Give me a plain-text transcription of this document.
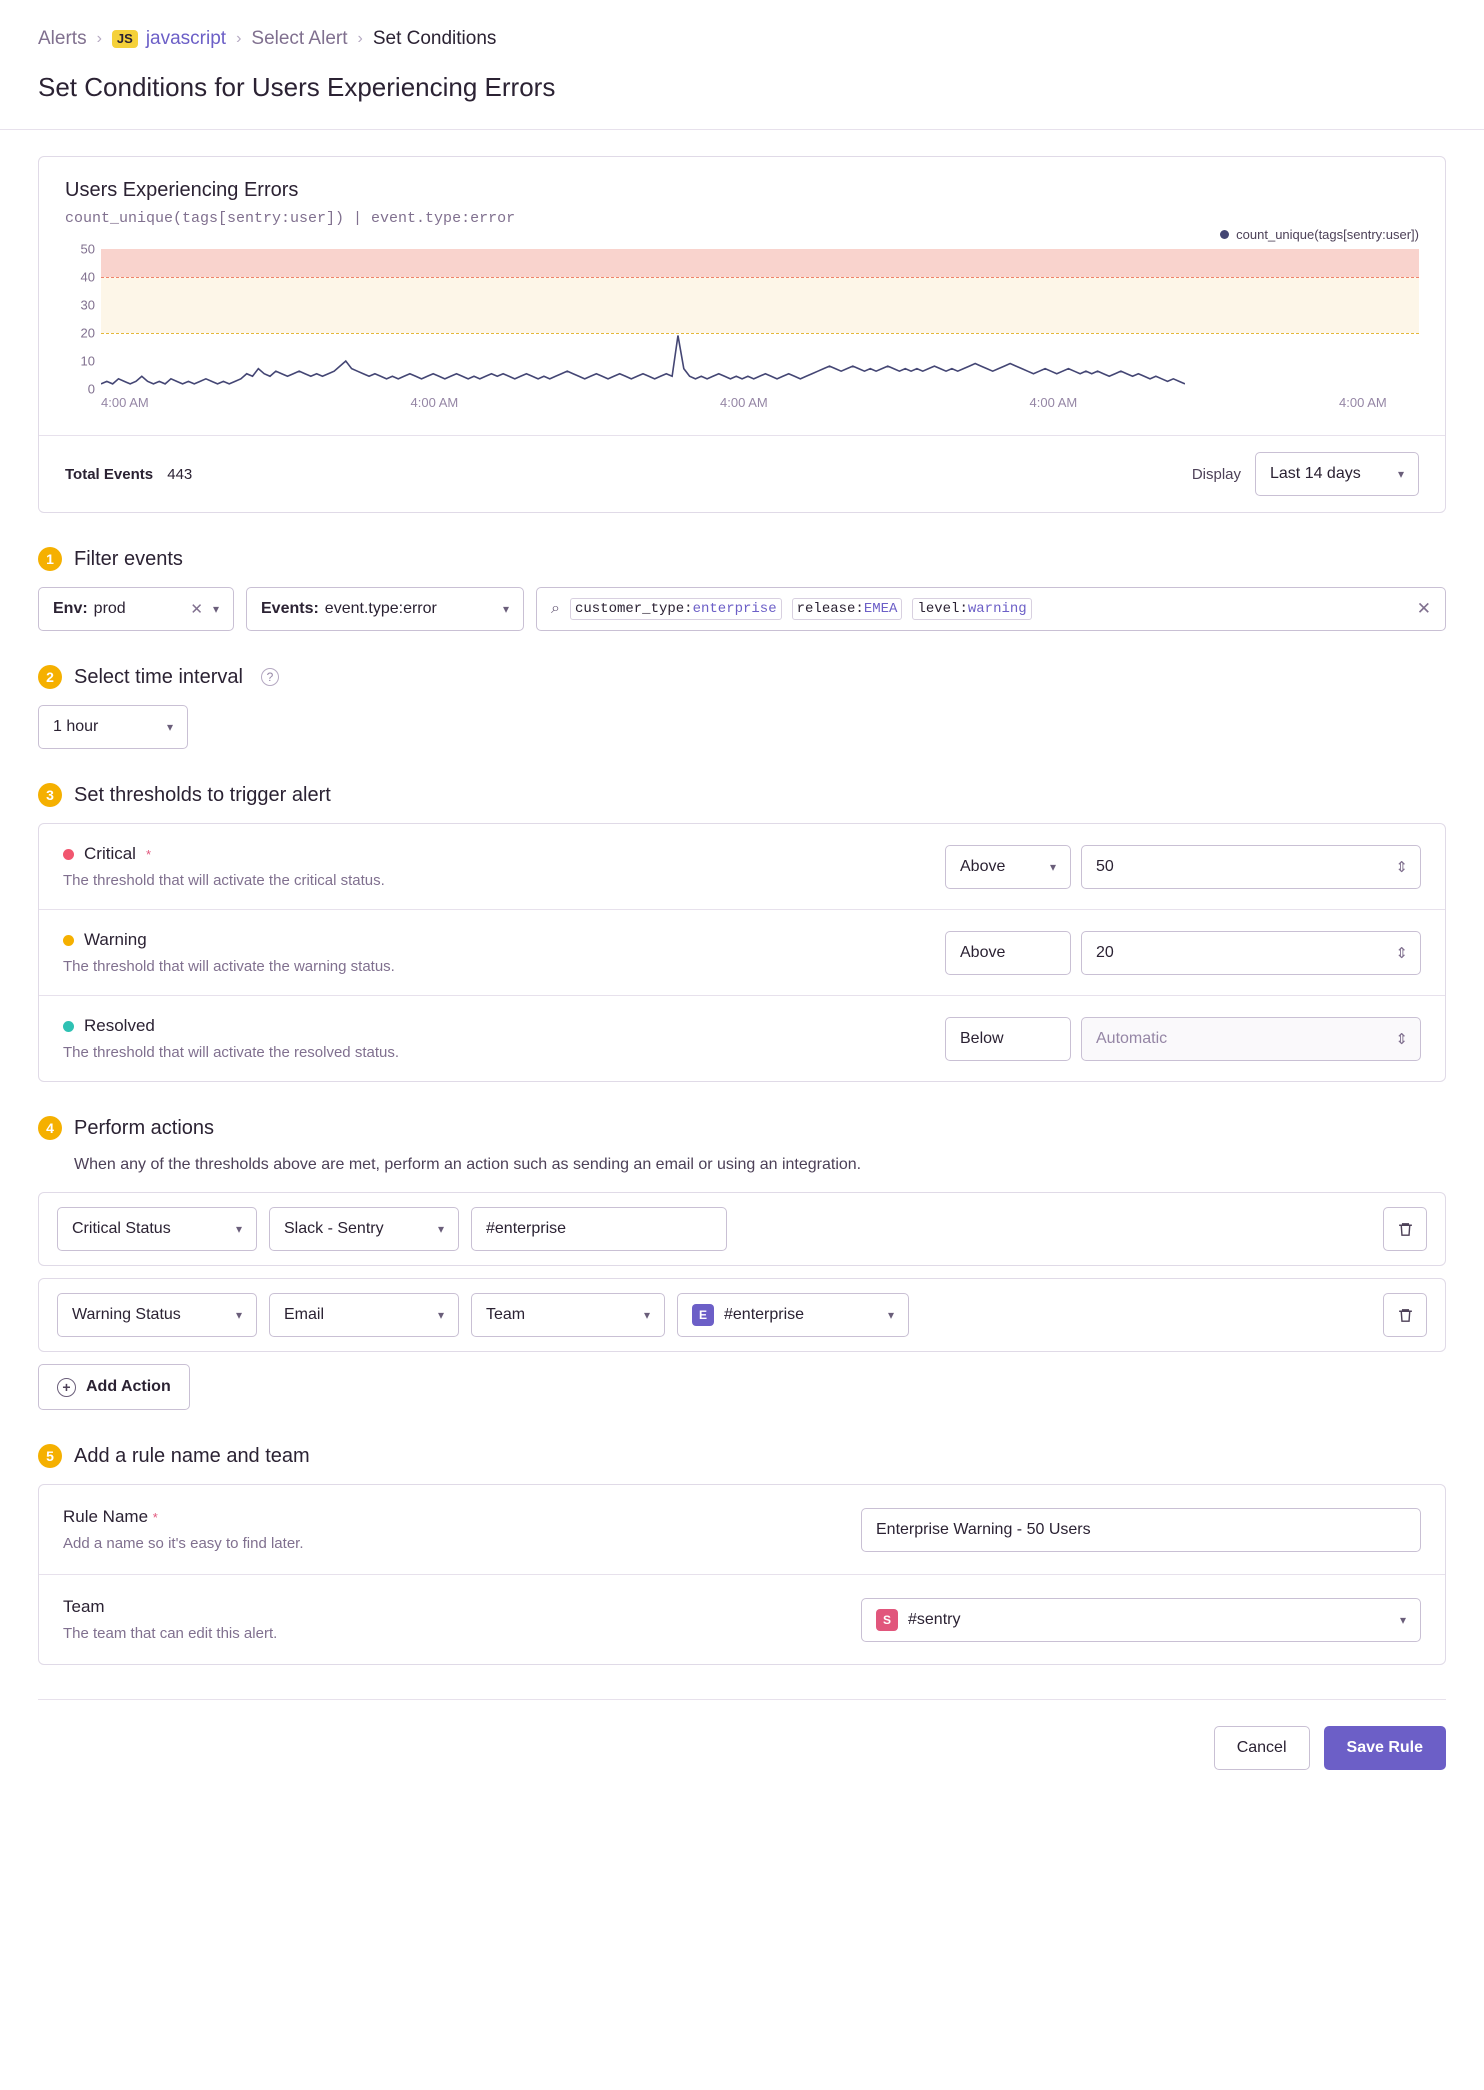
Alerts ›	JS javascript › Select Alert › Set Conditions
Set Conditions for Users Experiencing Errors
Users Experiencing Errors
count_unique(tags[sentry:user]) | event.type:error
count_unique(tags[sentry:user])
50
40
30
20
10
0
4:00 AM	4:00 AM	4:00 AM	4:00 AM	4:00 AM
Total Events 443	Display Last 14 days	▾
1	Filter events
Env: prod	✕ ▾	Events: event.type:error	▾	⌕	customer_type:enterprise	release:EMEA	level:warning	✕
2	Select time interval	?
1 hour	▾
3	Set thresholds to trigger alert
Critical *
The threshold that will activate the critical status.
Above	▾	50	⇕
Warning
The threshold that will activate the warning status.
Above	20	⇕
Resolved
The threshold that will activate the resolved status.
Below	Automatic	⇕
4	Perform actions
When any of the thresholds above are met, perform an action such as sending an email or using an integration.
Critical Status	▾	Slack - Sentry	▾	#enterprise
Warning Status	▾	Email	▾	Team	▾	E	#enterprise	▾
+ Add Action
5	Add a rule name and team
Rule Name *
Add a name so it's easy to find later.
Enterprise Warning - 50 Users
Team
The team that can edit this alert.
S	#sentry	▾
Cancel	Save Rule
